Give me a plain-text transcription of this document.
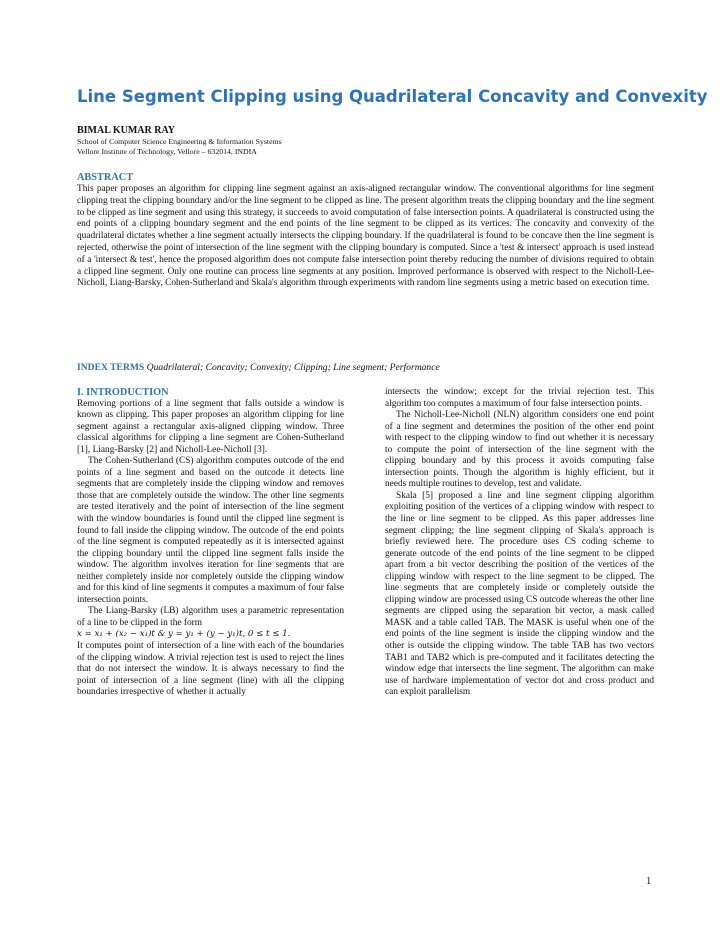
Line Segment Clipping using Quadrilateral Concavity and Convexity

BIMAL KUMAR RAY

School of Computer Science Engineering & Information Systems
Vellore Institute of Technology, Vellore – 632014, INDIA
ABSTRACT

This paper proposes an algorithm for clipping line segment against an axis-aligned rectangular window. The conventional algorithms for line segment clipping treat the clipping boundary and/or the line segment to be clipped as line. The present algorithm treats the clipping boundary and the line segment to be clipped as line segment and using this strategy, it succeeds to avoid computation of false intersection points. A quadrilateral is constructed using the end points of a clipping boundary segment and the end points of the line segment to be clipped as its vertices. The concavity and convexity of the quadrilateral dictates whether a line segment actually intersects the clipping boundary. If the quadrilateral is found to be concave then the line segment is rejected, otherwise the point of intersection of the line segment with the clipping boundary is computed. Since a 'test & intersect' approach is used instead of a 'intersect & test', hence the proposed algorithm does not compute false intersection point thereby reducing the number of divisions required to obtain a clipped line segment. Only one routine can process line segments at any position. Improved performance is observed with respect to the Nicholl-Lee-Nicholl, Liang-Barsky, Cohen-Sutherland and Skala's algorithm through experiments with random line segments using a metric based on execution time.

INDEX TERMS Quadrilateral; Concavity; Convexity; Clipping; Line segment; Performance

I. INTRODUCTION

Removing portions of a line segment that falls outside a window is known as clipping. This paper proposes an algorithm clipping for line segment against a rectangular axis-aligned clipping window. Three classical algorithms for clipping a line segment are Cohen-Sutherland [1], Liang-Barsky [2] and Nicholl-Lee-Nicholl [3].

The Cohen-Sutherland (CS) algorithm computes outcode of the end points of a line segment and based on the outcode it detects line segments that are completely inside the clipping window and removes those that are completely outside the window. The other line segments are tested iteratively and the point of intersection of the line segment with the window boundaries is found until the clipped line segment is found to fall inside the clipping window. The outcode of the end points of the line segment is computed repeatedly as it is intersected against the clipping boundary until the clipped line segment falls inside the window. The algorithm involves iteration for line segments that are neither completely inside nor completely outside the clipping window and for this kind of line segments it computes a maximum of four false intersection points.

The Liang-Barsky (LB) algorithm uses a parametric representation of a line to be clipped in the form

x = x₁ + (x₂ − x₁)t & y = y₁ + (y − y₁)t, 0 ≤ t ≤ 1.

It computes point of intersection of a line with each of the boundaries of the clipping window. A trivial rejection test is used to reject the lines that do not intersect the window. It is always necessary to find the point of intersection of a line segment (line) with all the clipping boundaries irrespective of whether it actually

intersects the window; except for the trivial rejection test. This algorithm too computes a maximum of four false intersection points.

The Nicholl-Lee-Nicholl (NLN) algorithm considers one end point of a line segment and determines the position of the other end point with respect to the clipping window to find out whether it is necessary to compute the point of intersection of the line segment with the clipping boundary and by this process it avoids computing false intersection points. Though the algorithm is highly efficient, but it needs multiple routines to develop, test and validate.

Skala [5] proposed a line and line segment clipping algorithm exploiting position of the vertices of a clipping window with respect to the line or line segment to be clipped. As this paper addresses line segment clipping; the line segment clipping of Skala's approach is briefly reviewed here. The procedure uses CS coding scheme to generate outcode of the end points of the line segment to be clipped apart from a bit vector describing the position of the vertices of the clipping window with respect to the line segment to be clipped. The line segments that are completely inside or completely outside the clipping window are processed using CS outcode whereas the other line segments are clipped using the separation bit vector, a mask called MASK and a table called TAB. The MASK is useful when one of the end points of the line segment is inside the clipping window and the other is outside the clipping window. The table TAB has two vectors TAB1 and TAB2 which is pre-computed and it facilitates detecting the window edge that intersects the line segment. The algorithm can make use of hardware implementation of vector dot and cross product and can exploit parallelism

1
